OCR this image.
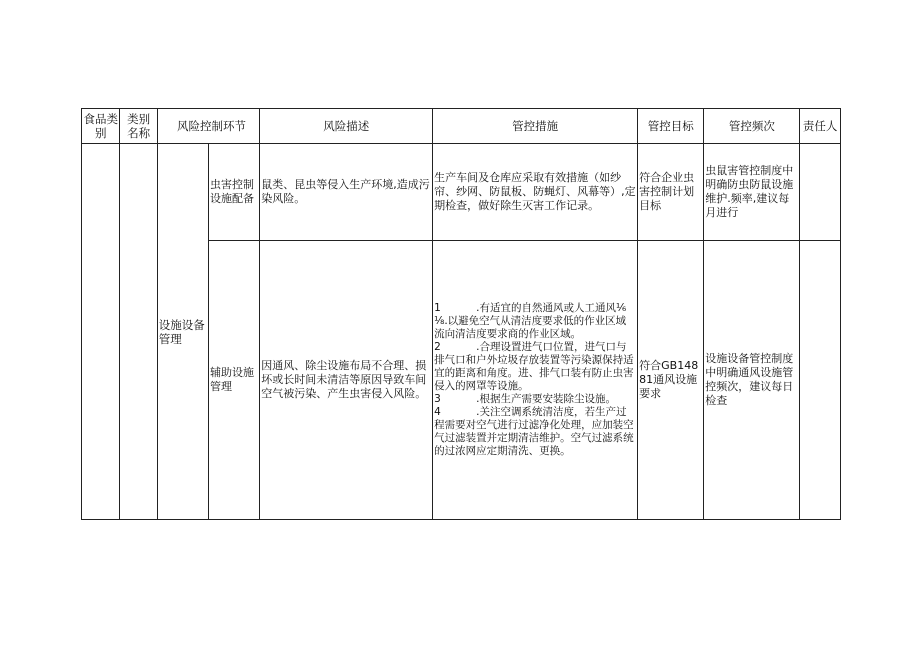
食品类别	类别名称	风险控制环节		风险描述	管控措施	管控目标	管控频次	责任人
		设施设备管理	虫害控制设施配备	鼠类、昆虫等侵入生产环境,造成污染风险。	生产车间及仓库应采取有效措施（如纱帘、纱网、防鼠板、防蝇灯、风幕等）,定期检查，做好除生灭害工作记录。	符合企业虫害控制计划目标	虫鼠害管控制度中明确防虫防鼠设施维护.频率,建议每月进行	
			辅助设施管理	因通风、除尘设施布局不合理、损坏或长时间未清洁等原因导致车间空气被污染、产生虫害侵入风险。	1 .有适宜的自然通风或人工通风⅙⅛.以避免空气从清洁度要求低的作业区域流向清洁度要求商的作业区域。
2 .合理设置进气口位置，进气口与排气口和户外垃圾存放装置等污染源保持适宜的距离和角度。进、排气口装有防止虫害侵入的网罩等设施。
3 .根据生产需要安装除尘设施。
4 .关注空调系统清洁度，若生产过程需要对空气进行过滤净化处理，应加装空气过滤装置并定期清洁维护。空气过滤系统的过浓网应定期清洗、更换。	符合GB14881通风设施要求	设施设备管控制度中明确通风设施管控频次，建议每日检查	
